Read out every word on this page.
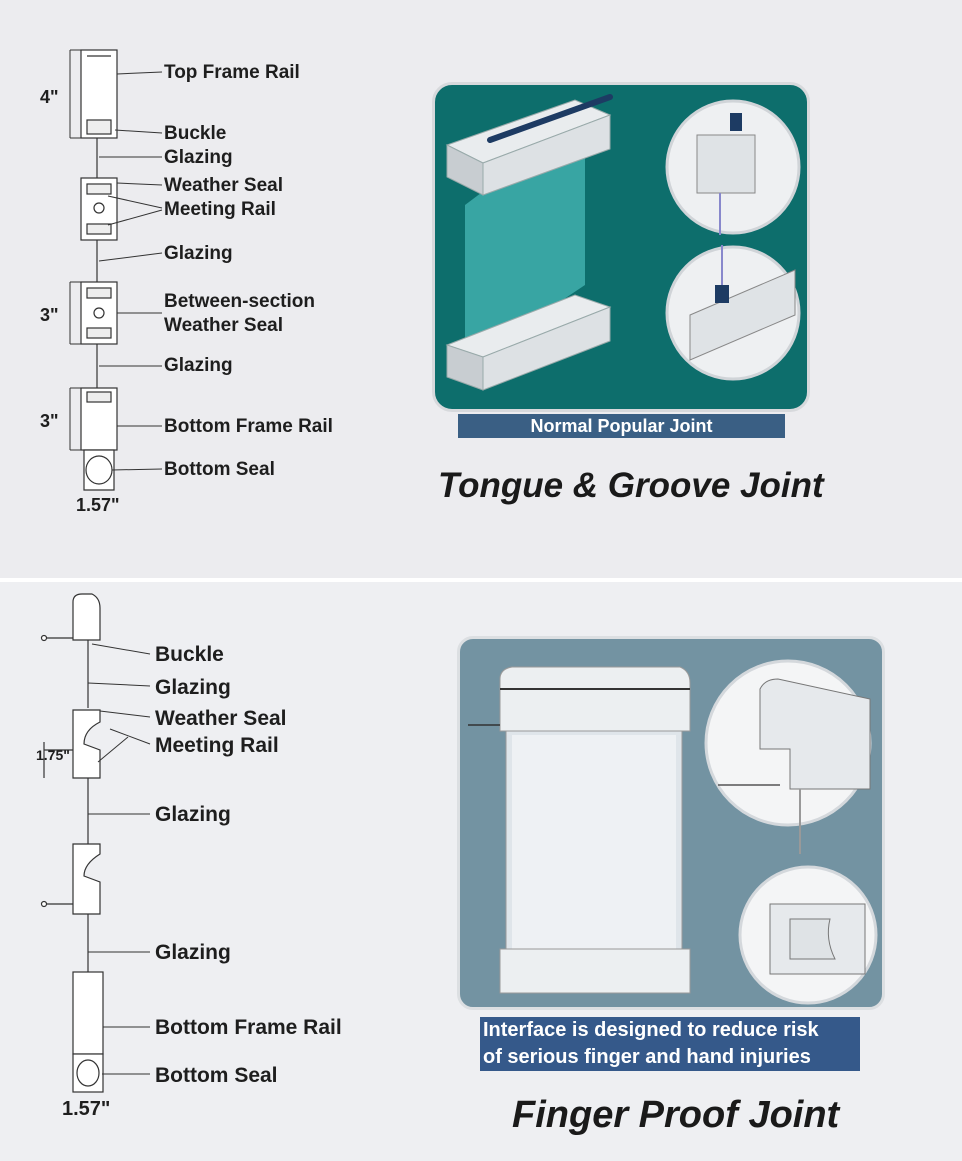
4"
3"
3"
1.57"
Top Frame Rail
Buckle
Glazing
Weather Seal
Meeting Rail
Glazing
Between-section
Weather Seal
Glazing
Bottom Frame Rail
Bottom Seal
Normal Popular Joint
Tongue & Groove Joint
1.75"
1.57"
Buckle
Glazing
Weather Seal
Meeting Rail
Glazing
Glazing
Bottom Frame Rail
Bottom Seal
Interface is designed to reduce risk
of serious finger and hand injuries
Finger Proof Joint
